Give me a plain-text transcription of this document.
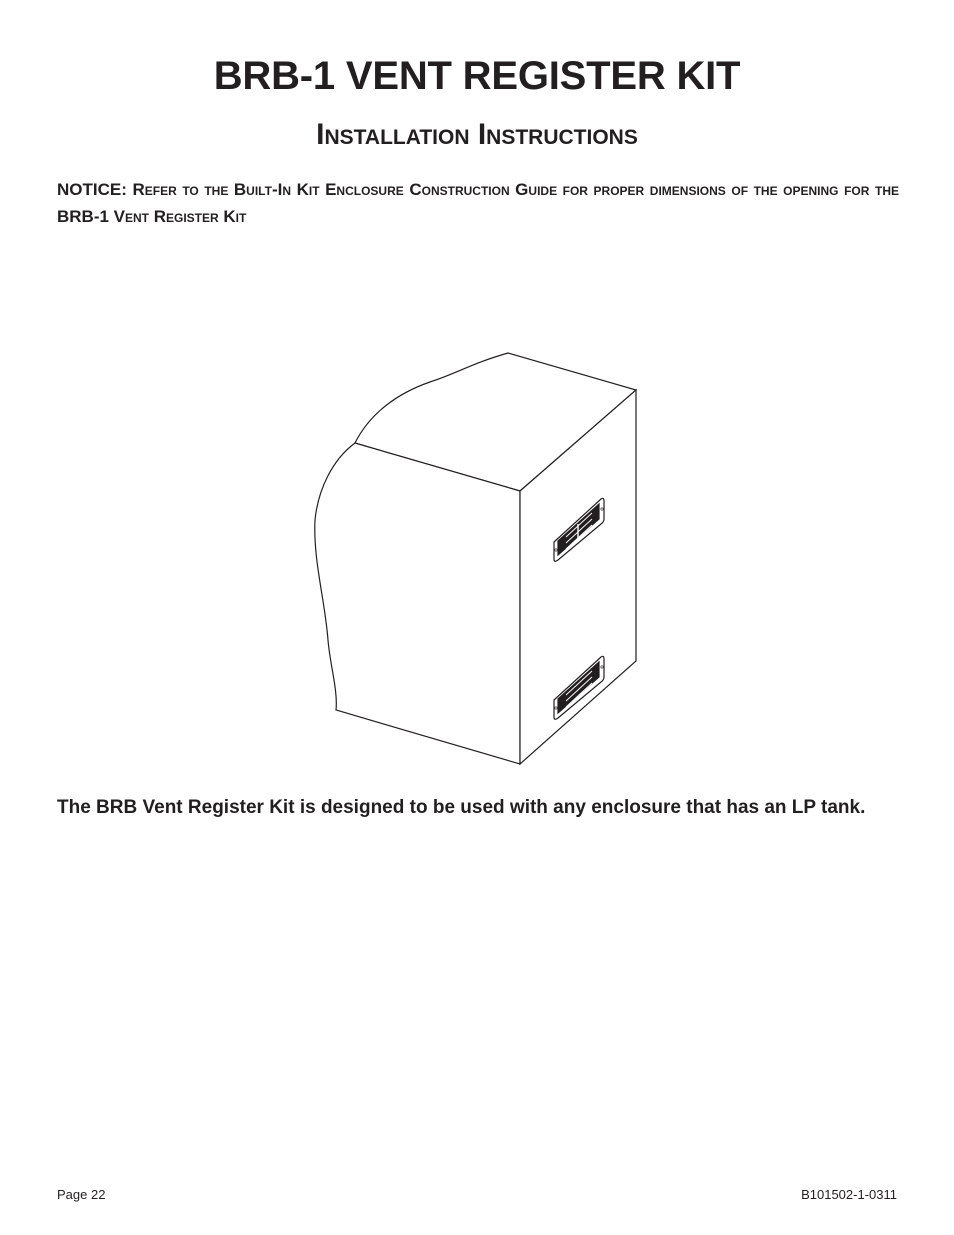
BRB-1 VENT REGISTER KIT
Installation Instructions

NOTICE: Refer to the Built-In Kit Enclosure Construction Guide for proper dimensions of the opening for the BRB-1 Vent Register Kit

The BRB Vent Register Kit is designed to be used with any enclosure that has an LP tank.

Page 22	B101502-1-0311
